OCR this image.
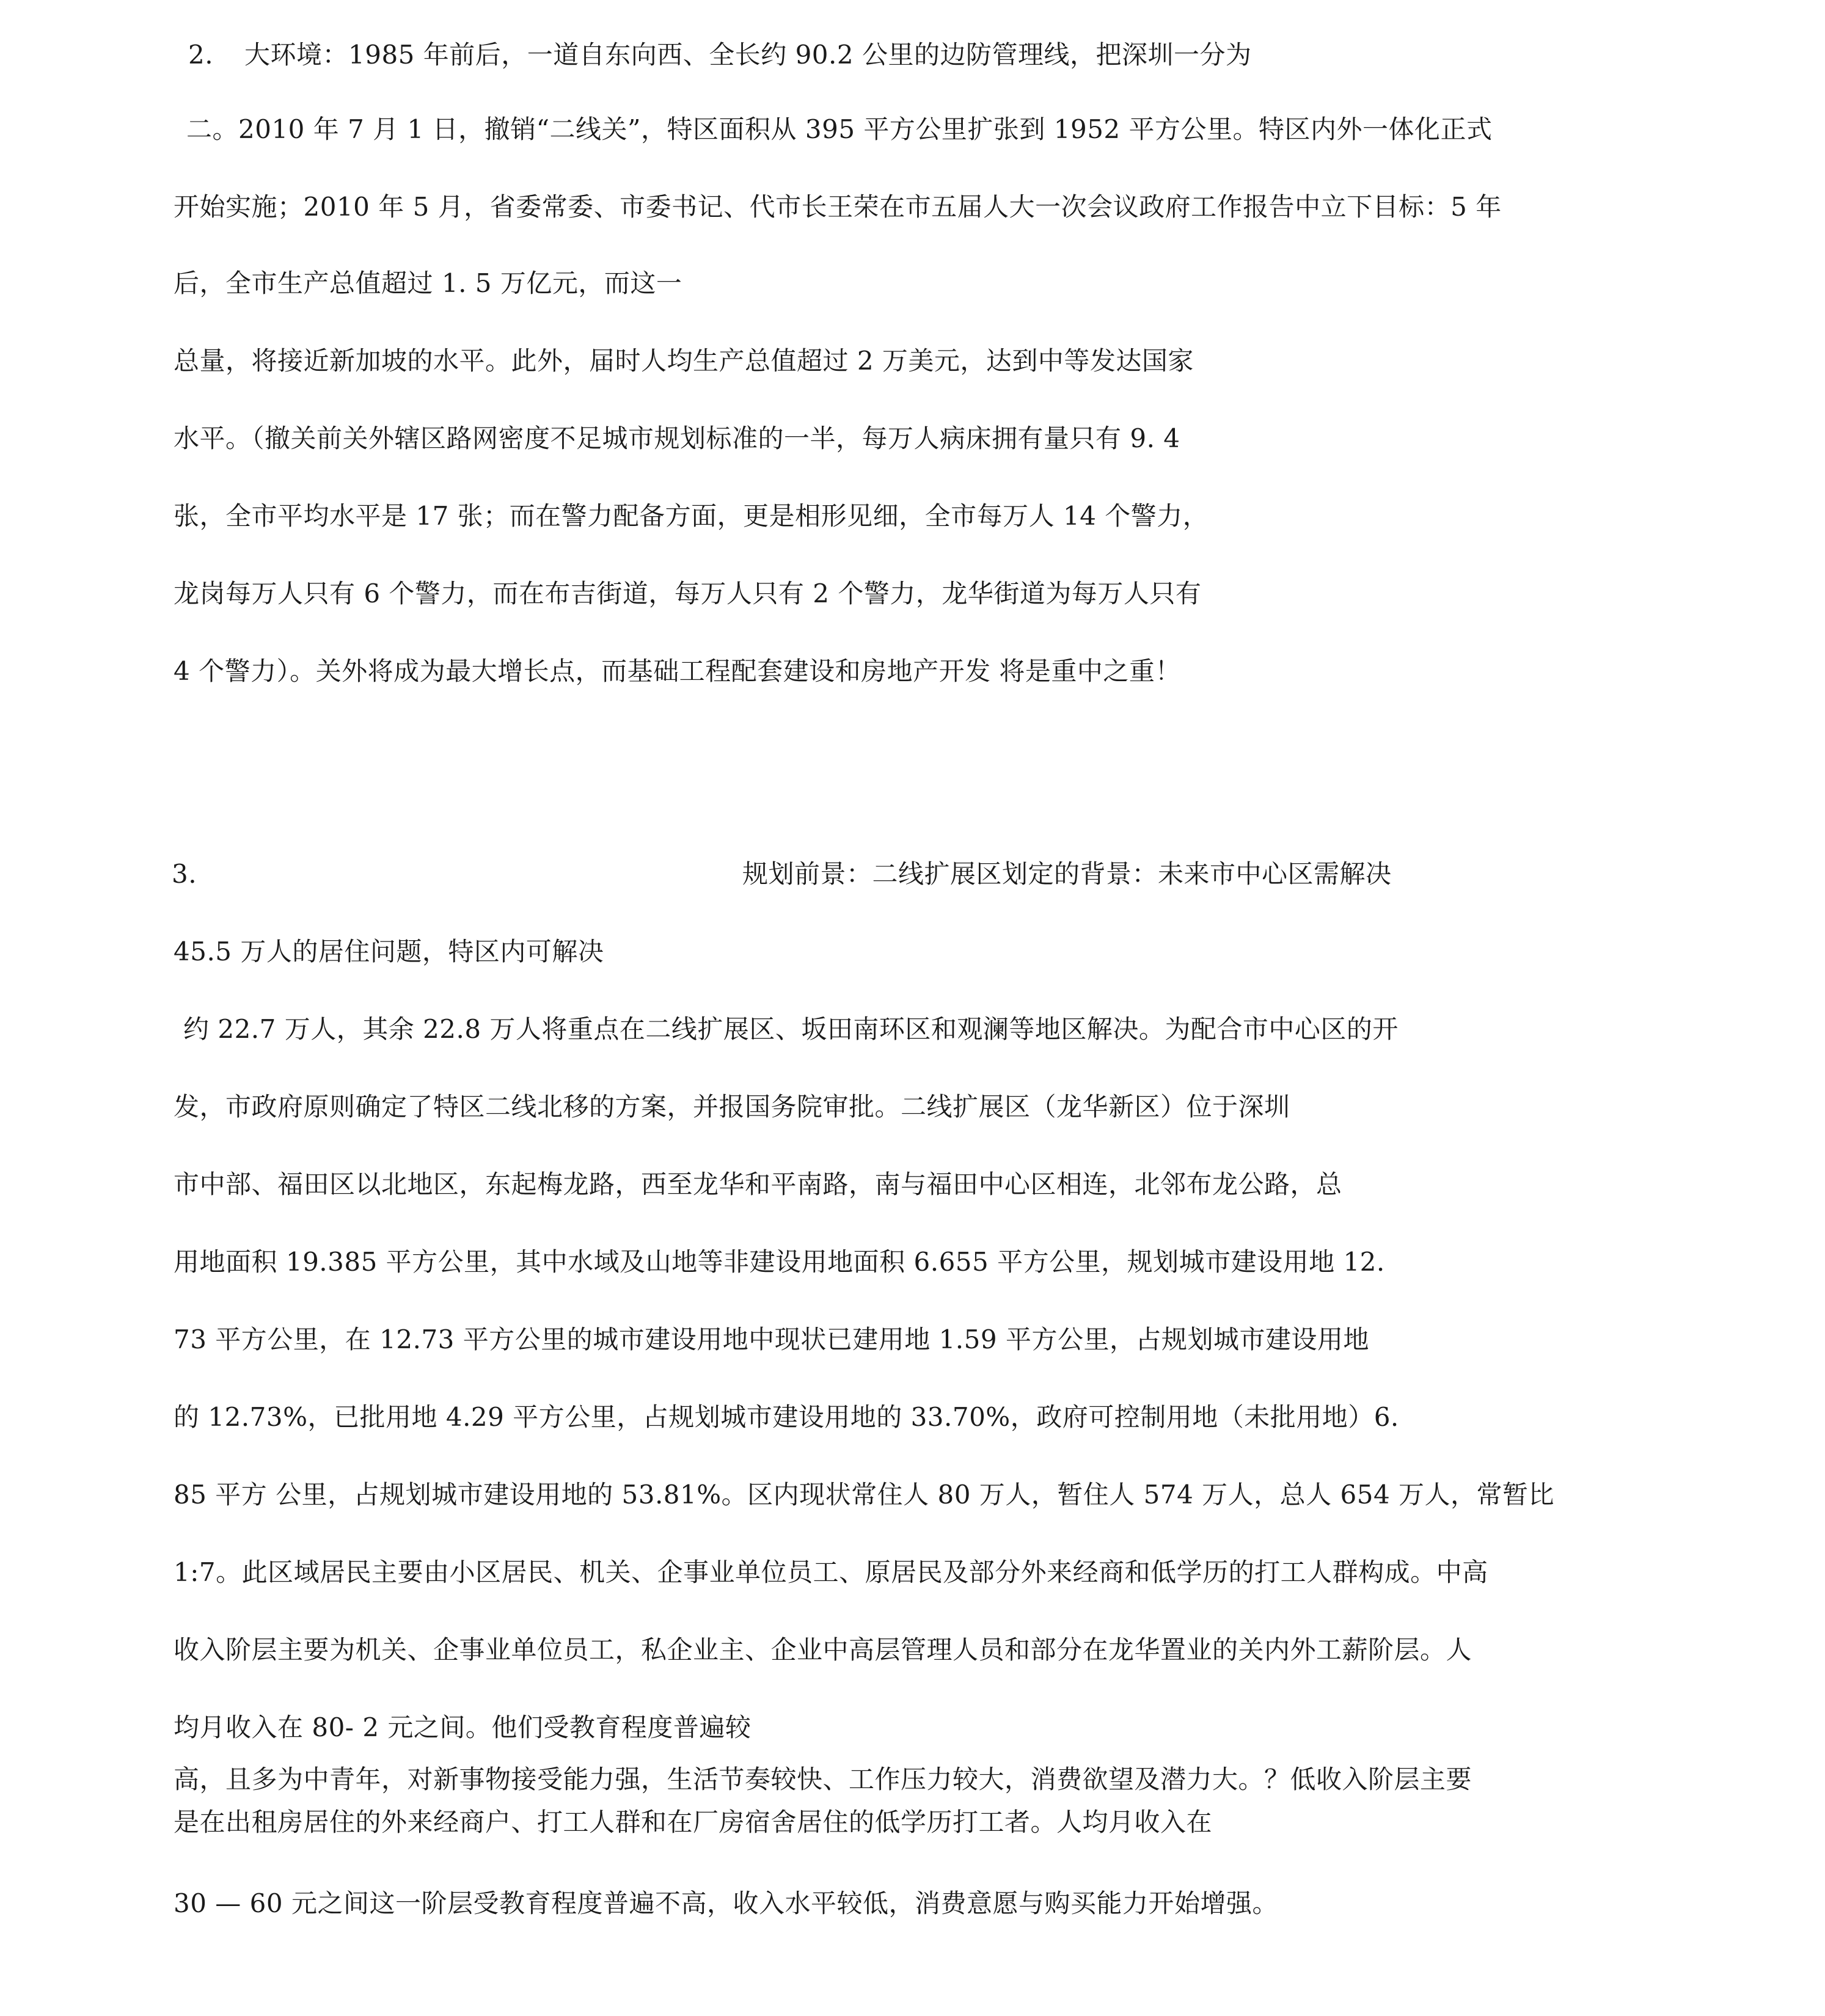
2. 大环境：1985 年前后，一道自东向西、全长约 90.2 公里的边防管理线，把深圳一分为
二。2010 年 7 月 1 日，撤销“二线关”，特区面积从 395 平方公里扩张到 1952 平方公里。特区内外一体化正式
开始实施；2010 年 5 月，省委常委、市委书记、代市长王荣在市五届人大一次会议政府工作报告中立下目标：5 年
后，全市生产总值超过 1. 5 万亿元，而这一
总量，将接近新加坡的水平。此外，届时人均生产总值超过 2 万美元，达到中等发达国家
水平。（撤关前关外辖区路网密度不足城市规划标准的一半，每万人病床拥有量只有 9. 4
张，全市平均水平是 17 张；而在警力配备方面，更是相形见细，全市每万人 14 个警力，
龙岗每万人只有 6 个警力，而在布吉街道，每万人只有 2 个警力，龙华街道为每万人只有
4 个警力）。关外将成为最大增长点，而基础工程配套建设和房地产开发 将是重中之重！
3.	规划前景：二线扩展区划定的背景：未来市中心区需解决
45.5 万人的居住问题，特区内可解决
约 22.7 万人，其余 22.8 万人将重点在二线扩展区、坂田南环区和观澜等地区解决。为配合市中心区的开
发，市政府原则确定了特区二线北移的方案，并报国务院审批。二线扩展区（龙华新区）位于深圳
市中部、福田区以北地区，东起梅龙路，西至龙华和平南路，南与福田中心区相连，北邻布龙公路，总
用地面积 19.385 平方公里，其中水域及山地等非建设用地面积 6.655 平方公里，规划城市建设用地 12.
73 平方公里，在 12.73 平方公里的城市建设用地中现状已建用地 1.59 平方公里，占规划城市建设用地
的 12.73%，已批用地 4.29 平方公里，占规划城市建设用地的 33.70%，政府可控制用地（未批用地）6.
85 平方 公里，占规划城市建设用地的 53.81%。区内现状常住人 80 万人，暂住人 574 万人，总人 654 万人，常暂比
1:7。此区域居民主要由小区居民、机关、企事业单位员工、原居民及部分外来经商和低学历的打工人群构成。中高
收入阶层主要为机关、企事业单位员工，私企业主、企业中高层管理人员和部分在龙华置业的关内外工薪阶层。人
均月收入在 80- 2 元之间。他们受教育程度普遍较
高，且多为中青年，对新事物接受能力强，生活节奏较快、工作压力较大，消费欲望及潜力大。？低收入阶层主要
是在出租房居住的外来经商户、打工人群和在厂房宿舍居住的低学历打工者。人均月收入在
30 — 60 元之间这一阶层受教育程度普遍不高，收入水平较低，消费意愿与购买能力开始增强。
